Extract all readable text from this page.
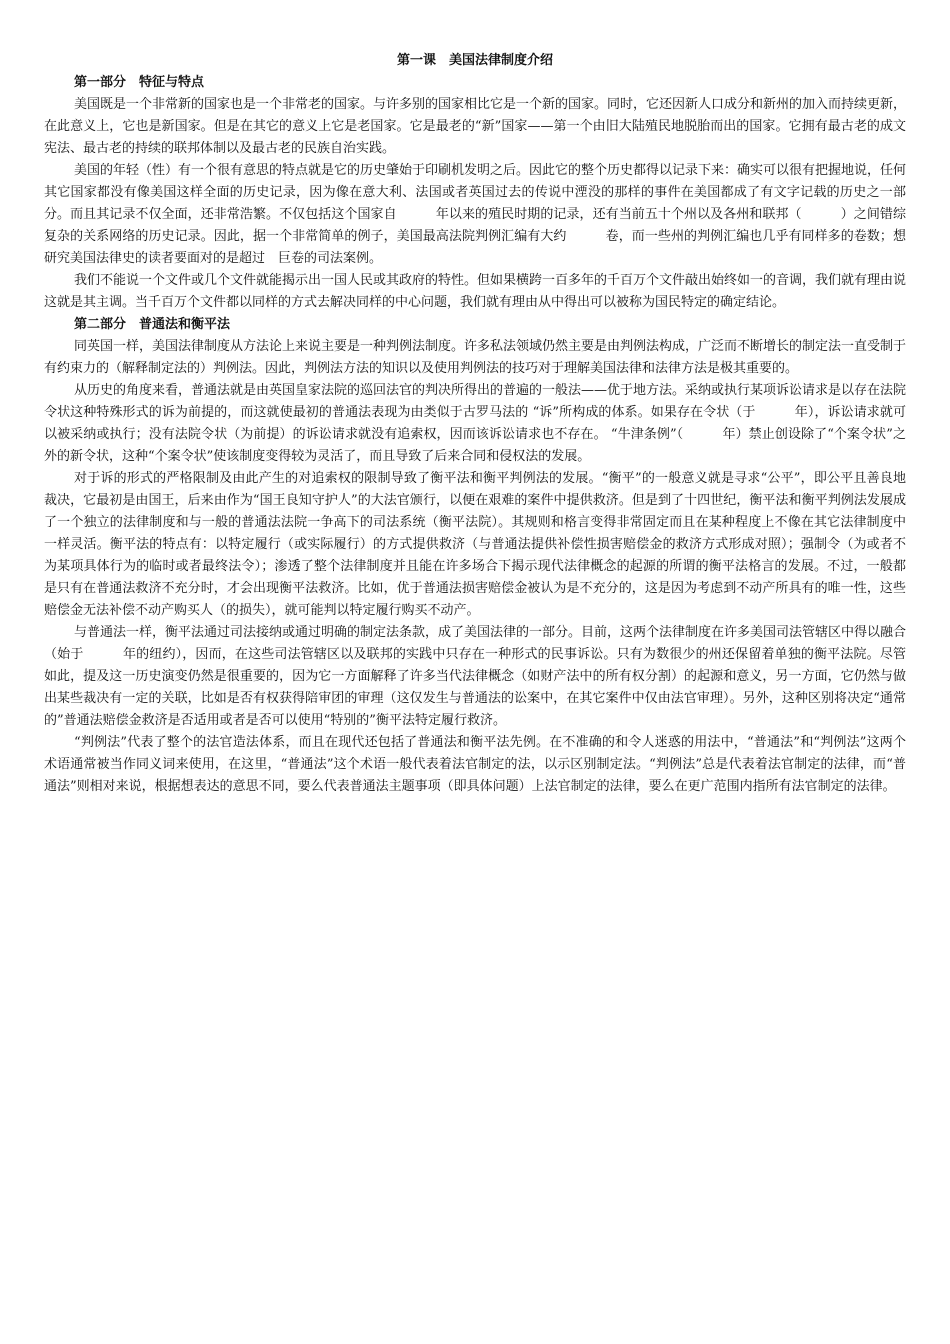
第一课　美国法律制度介绍
第一部分　特征与特点

美国既是一个非常新的国家也是一个非常老的国家。与许多别的国家相比它是一个新的国家。同时，它还因新人口成分和新州的加入而持续更新，在此意义上，它也是新国家。但是在其它的意义上它是老国家。它是最老的“新”国家——第一个由旧大陆殖民地脱胎而出的国家。它拥有最古老的成文宪法、最古老的持续的联邦体制以及最古老的民族自治实践。

美国的年轻（性）有一个很有意思的特点就是它的历史肇始于印刷机发明之后。因此它的整个历史都得以记录下来：确实可以很有把握地说，任何其它国家都没有像美国这样全面的历史记录，因为像在意大利、法国或者英国过去的传说中湮没的那样的事件在美国都成了有文字记载的历史之一部分。而且其记录不仅全面，还非常浩繁。不仅包括这个国家自　　　年以来的殖民时期的记录，还有当前五十个州以及各州和联邦（　　　）之间错综复杂的关系网络的历史记录。因此，据一个非常简单的例子，美国最高法院判例汇编有大约　　　卷，而一些州的判例汇编也几乎有同样多的卷数；想研究美国法律史的读者要面对的是超过　巨卷的司法案例。

我们不能说一个文件或几个文件就能揭示出一国人民或其政府的特性。但如果横跨一百多年的千百万个文件敲出始终如一的音调，我们就有理由说这就是其主调。当千百万个文件都以同样的方式去解决同样的中心问题，我们就有理由从中得出可以被称为国民特定的确定结论。

第二部分　普通法和衡平法

同英国一样，美国法律制度从方法论上来说主要是一种判例法制度。许多私法领域仍然主要是由判例法构成，广泛而不断增长的制定法一直受制于有约束力的（解释制定法的）判例法。因此，判例法方法的知识以及使用判例法的技巧对于理解美国法律和法律方法是极其重要的。

从历史的角度来看，普通法就是由英国皇家法院的巡回法官的判决所得出的普遍的一般法——优于地方法。采纳或执行某项诉讼请求是以存在法院令状这种特殊形式的诉为前提的，而这就使最初的普通法表现为由类似于古罗马法的 “诉”所构成的体系。如果存在令状（于　　　年），诉讼请求就可以被采纳或执行；没有法院令状（为前提）的诉讼请求就没有追索权，因而该诉讼请求也不存在。 “牛津条例”（　　　年）禁止创设除了“个案令状”之外的新令状，这种“个案令状”使该制度变得较为灵活了，而且导致了后来合同和侵权法的发展。

对于诉的形式的严格限制及由此产生的对追索权的限制导致了衡平法和衡平判例法的发展。“衡平”的一般意义就是寻求“公平”，即公平且善良地裁决，它最初是由国王，后来由作为“国王良知守护人”的大法官颁行，以便在艰难的案件中提供救济。但是到了十四世纪，衡平法和衡平判例法发展成了一个独立的法律制度和与一般的普通法法院一争高下的司法系统（衡平法院）。其规则和格言变得非常固定而且在某种程度上不像在其它法律制度中一样灵活。衡平法的特点有：以特定履行（或实际履行）的方式提供救济（与普通法提供补偿性损害赔偿金的救济方式形成对照）；强制令（为或者不为某项具体行为的临时或者最终法令）；渗透了整个法律制度并且能在许多场合下揭示现代法律概念的起源的所谓的衡平法格言的发展。不过，一般都是只有在普通法救济不充分时，才会出现衡平法救济。比如，优于普通法损害赔偿金被认为是不充分的，这是因为考虑到不动产所具有的唯一性，这些赔偿金无法补偿不动产购买人（的损失），就可能判以特定履行购买不动产。

与普通法一样，衡平法通过司法接纳或通过明确的制定法条款，成了美国法律的一部分。目前，这两个法律制度在许多美国司法管辖区中得以融合（始于　　　年的纽约），因而，在这些司法管辖区以及联邦的实践中只存在一种形式的民事诉讼。只有为数很少的州还保留着单独的衡平法院。尽管如此，提及这一历史演变仍然是很重要的，因为它一方面解释了许多当代法律概念（如财产法中的所有权分割）的起源和意义，另一方面，它仍然与做出某些裁决有一定的关联，比如是否有权获得陪审团的审理（这仅发生与普通法的讼案中，在其它案件中仅由法官审理）。另外，这种区别将决定“通常的”普通法赔偿金救济是否适用或者是否可以使用“特别的”衡平法特定履行救济。

“判例法”代表了整个的法官造法体系，而且在现代还包括了普通法和衡平法先例。在不准确的和令人迷惑的用法中，“普通法”和“判例法”这两个术语通常被当作同义词来使用，在这里，“普通法”这个术语一般代表着法官制定的法，以示区别制定法。“判例法”总是代表着法官制定的法律，而“普通法”则相对来说，根据想表达的意思不同，要么代表普通法主题事项（即具体问题）上法官制定的法律，要么在更广范围内指所有法官制定的法律。
